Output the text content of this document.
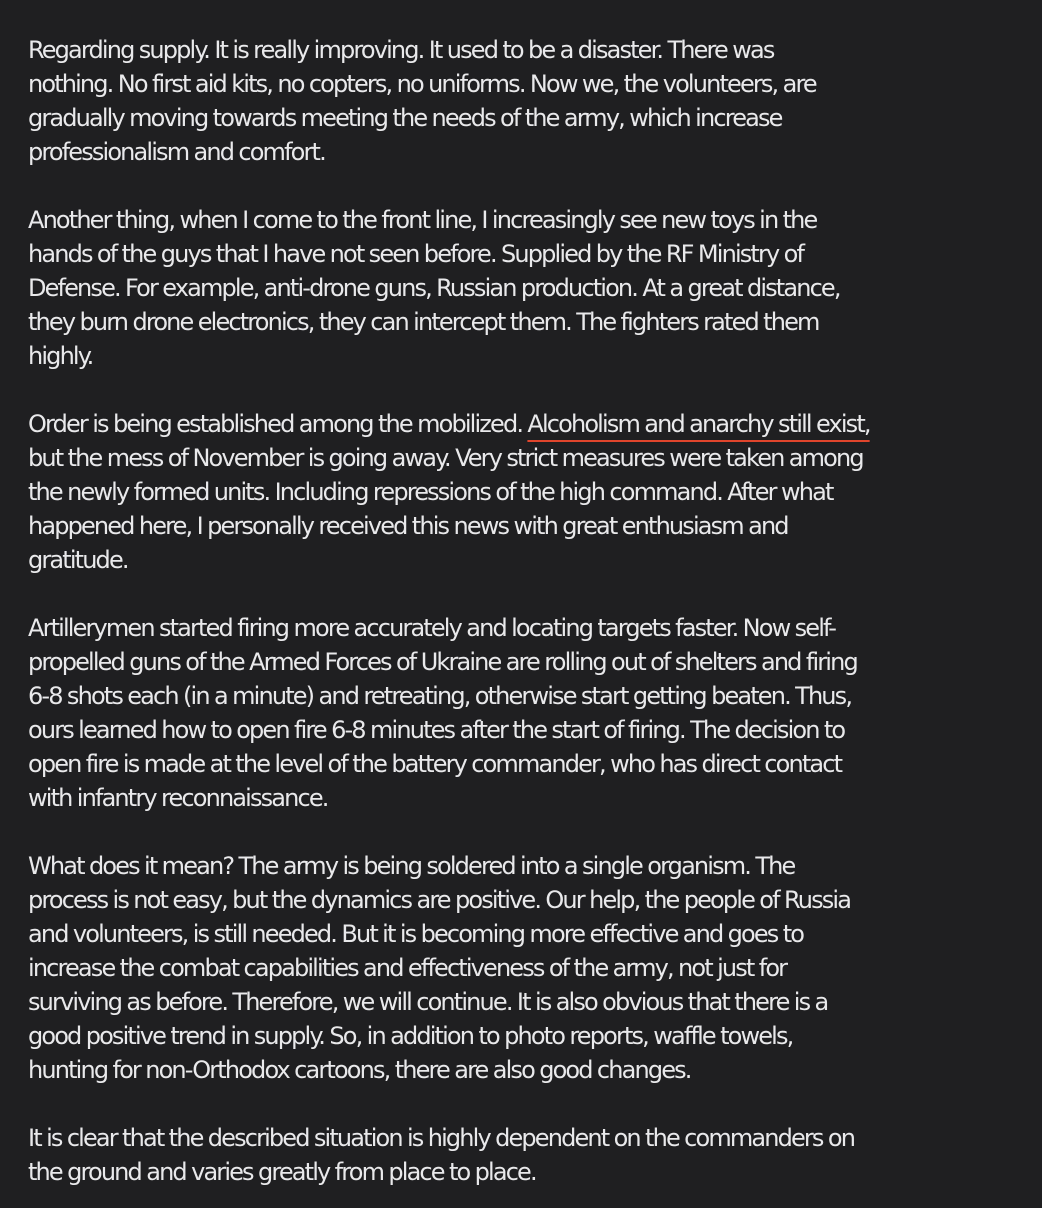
Regarding supply. It is really improving. It used to be a disaster. There was
nothing. No first aid kits, no copters, no uniforms. Now we, the volunteers, are
gradually moving towards meeting the needs of the army, which increase
professionalism and comfort.

Another thing, when I come to the front line, I increasingly see new toys in the
hands of the guys that I have not seen before. Supplied by the RF Ministry of
Defense. For example, anti-drone guns, Russian production. At a great distance,
they burn drone electronics, they can intercept them. The fighters rated them
highly.

Order is being established among the mobilized. Alcoholism and anarchy still exist,
but the mess of November is going away. Very strict measures were taken among
the newly formed units. Including repressions of the high command. After what
happened here, I personally received this news with great enthusiasm and
gratitude.

Artillerymen started firing more accurately and locating targets faster. Now self-
propelled guns of the Armed Forces of Ukraine are rolling out of shelters and firing
6-8 shots each (in a minute) and retreating, otherwise start getting beaten. Thus,
ours learned how to open fire 6-8 minutes after the start of firing. The decision to
open fire is made at the level of the battery commander, who has direct contact
with infantry reconnaissance.

What does it mean? The army is being soldered into a single organism. The
process is not easy, but the dynamics are positive. Our help, the people of Russia
and volunteers, is still needed. But it is becoming more effective and goes to
increase the combat capabilities and effectiveness of the army, not just for
surviving as before. Therefore, we will continue. It is also obvious that there is a
good positive trend in supply. So, in addition to photo reports, waffle towels,
hunting for non-Orthodox cartoons, there are also good changes.

It is clear that the described situation is highly dependent on the commanders on
the ground and varies greatly from place to place.
